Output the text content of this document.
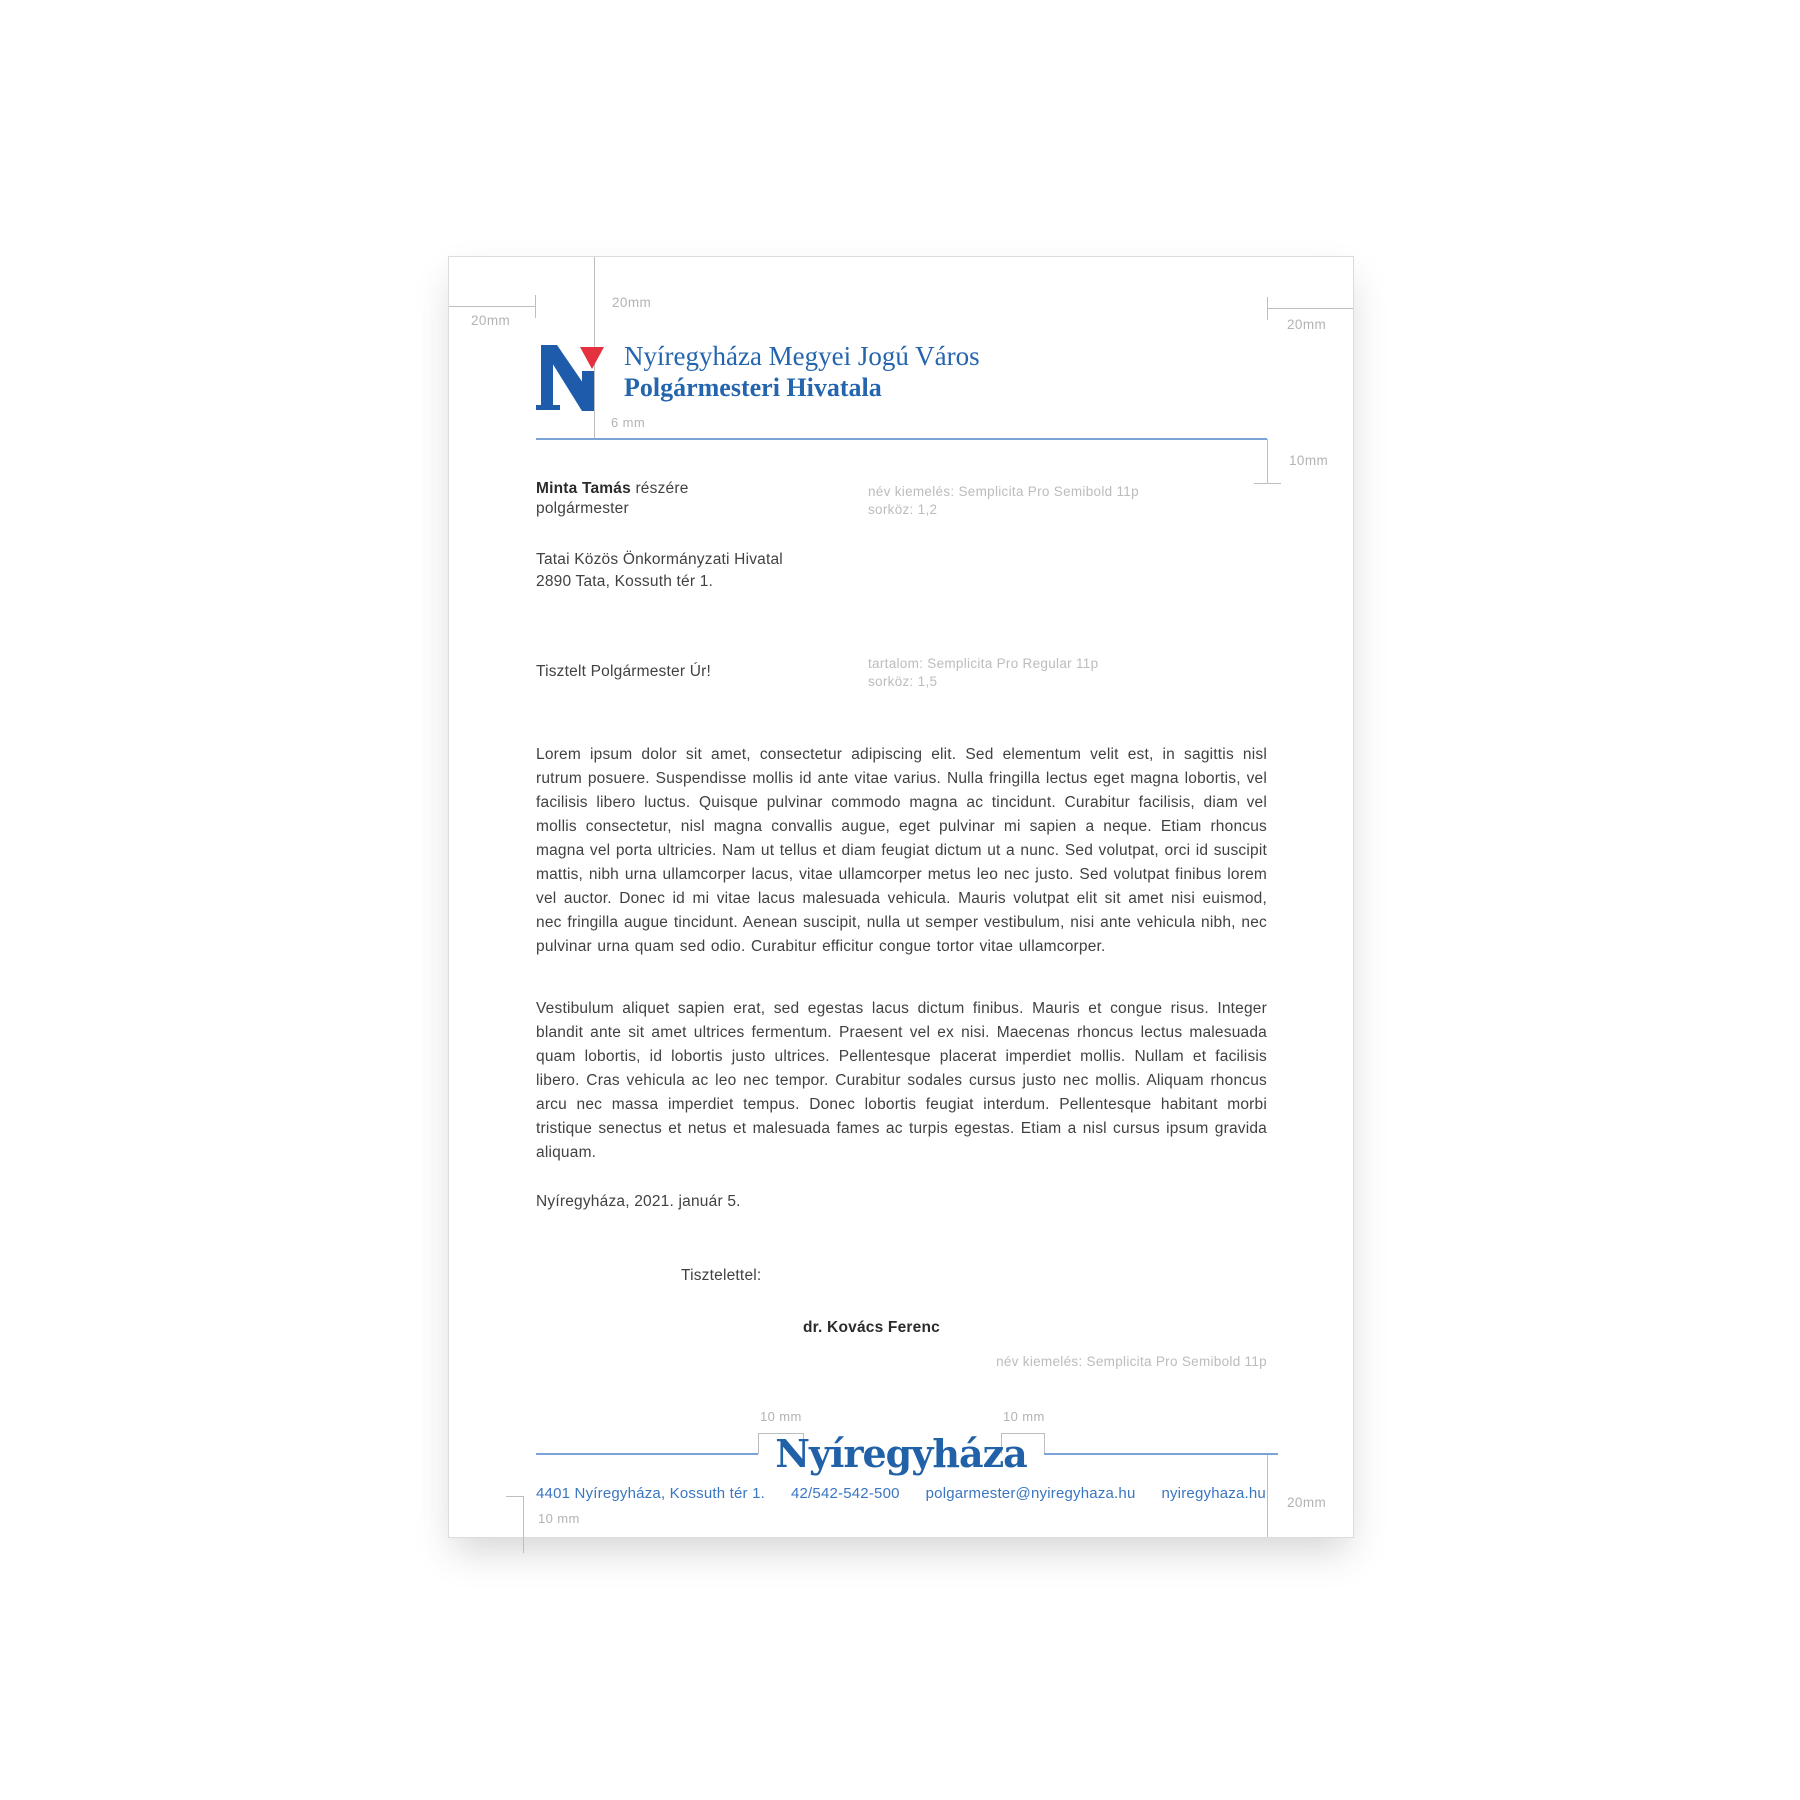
20mm
20mm
20mm
6 mm
10mm
10 mm	10 mm
10 mm
20mm
Nyíregyháza Megyei Jogú Város
Polgármesteri Hivatala
Minta Tamás részére
polgármester
név kiemelés: Semplicita Pro Semibold 11p
sorköz: 1,2
Tatai Közös Önkormányzati Hivatal
2890 Tata, Kossuth tér 1.
Tisztelt Polgármester Úr!	tartalom: Semplicita Pro Regular 11p
sorköz: 1,5

Lorem ipsum dolor sit amet, consectetur adipiscing elit. Sed elementum velit est, in sagittis nisl rutrum posuere. Suspendisse mollis id ante vitae varius. Nulla fringilla lectus eget magna lobortis, vel facilisis libero luctus. Quisque pulvinar commodo magna ac tincidunt. Curabitur facilisis, diam vel mollis consectetur, nisl magna convallis augue, eget pulvinar mi sapien a neque. Etiam rhoncus magna vel porta ultricies. Nam ut tellus et diam feugiat dictum ut a nunc. Sed volutpat, orci id suscipit mattis, nibh urna ullamcorper lacus, vitae ullamcorper metus leo nec justo. Sed volutpat finibus lorem vel auctor. Donec id mi vitae lacus malesuada vehicula. Mauris volutpat elit sit amet nisi euismod, nec fringilla augue tincidunt. Aenean suscipit, nulla ut semper vestibulum, nisi ante vehicula nibh, nec pulvinar urna quam sed odio. Curabitur efficitur congue tortor vitae ullamcorper.

Vestibulum aliquet sapien erat, sed egestas lacus dictum finibus. Mauris et congue risus. Integer blandit ante sit amet ultrices fermentum. Praesent vel ex nisi. Maecenas rhoncus lectus malesuada quam lobortis, id lobortis justo ultrices. Pellentesque placerat imperdiet mollis. Nullam et facilisis libero. Cras vehicula ac leo nec tempor. Curabitur sodales cursus justo nec mollis. Aliquam rhoncus arcu nec massa imperdiet tempus. Donec lobortis feugiat interdum. Pellentesque habitant morbi tristique senectus et netus et malesuada fames ac turpis egestas. Etiam a nisl cursus ipsum gravida aliquam.

Nyíregyháza, 2021. január 5.
Tisztelettel:
dr. Kovács Ferenc
név kiemelés: Semplicita Pro Semibold 11p
Nyíregyháza
4401 Nyíregyháza, Kossuth tér 1. 42/542-542-500 polgarmester@nyiregyhaza.hu nyiregyhaza.hu
